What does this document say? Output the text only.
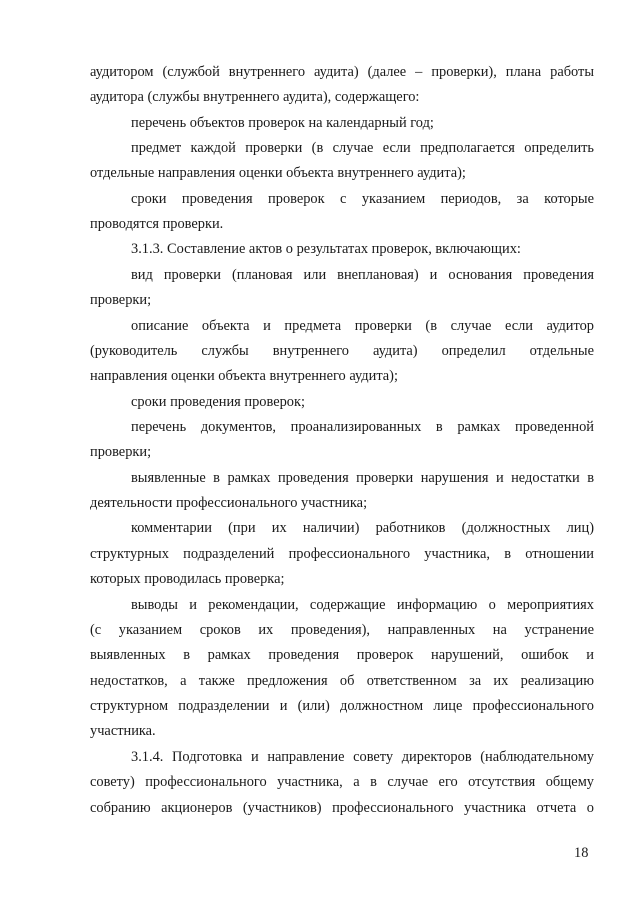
аудитором (службой внутреннего аудита) (далее – проверки), плана работы
аудитора (службы внутреннего аудита), содержащего:
перечень объектов проверок на календарный год;
предмет каждой проверки (в случае если предполагается определить
отдельные направления оценки объекта внутреннего аудита);
сроки проведения проверок с указанием периодов, за которые
проводятся проверки.
3.1.3. Составление актов о результатах проверок, включающих:
вид проверки (плановая или внеплановая) и основания проведения
проверки;
описание объекта и предмета проверки (в случае если аудитор
(руководитель службы внутреннего аудита) определил отдельные
направления оценки объекта внутреннего аудита);
сроки проведения проверок;
перечень документов, проанализированных в рамках проведенной
проверки;
выявленные в рамках проведения проверки нарушения и недостатки в
деятельности профессионального участника;
комментарии (при их наличии) работников (должностных лиц)
структурных подразделений профессионального участника, в отношении
которых проводилась проверка;
выводы и рекомендации, содержащие информацию о мероприятиях
(с указанием сроков их проведения), направленных на устранение
выявленных в рамках проведения проверок нарушений, ошибок и
недостатков, а также предложения об ответственном за их реализацию
структурном подразделении и (или) должностном лице профессионального
участника.
3.1.4. Подготовка и направление совету директоров (наблюдательному
совету) профессионального участника, а в случае его отсутствия общему
собранию акционеров (участников) профессионального участника отчета о
18
